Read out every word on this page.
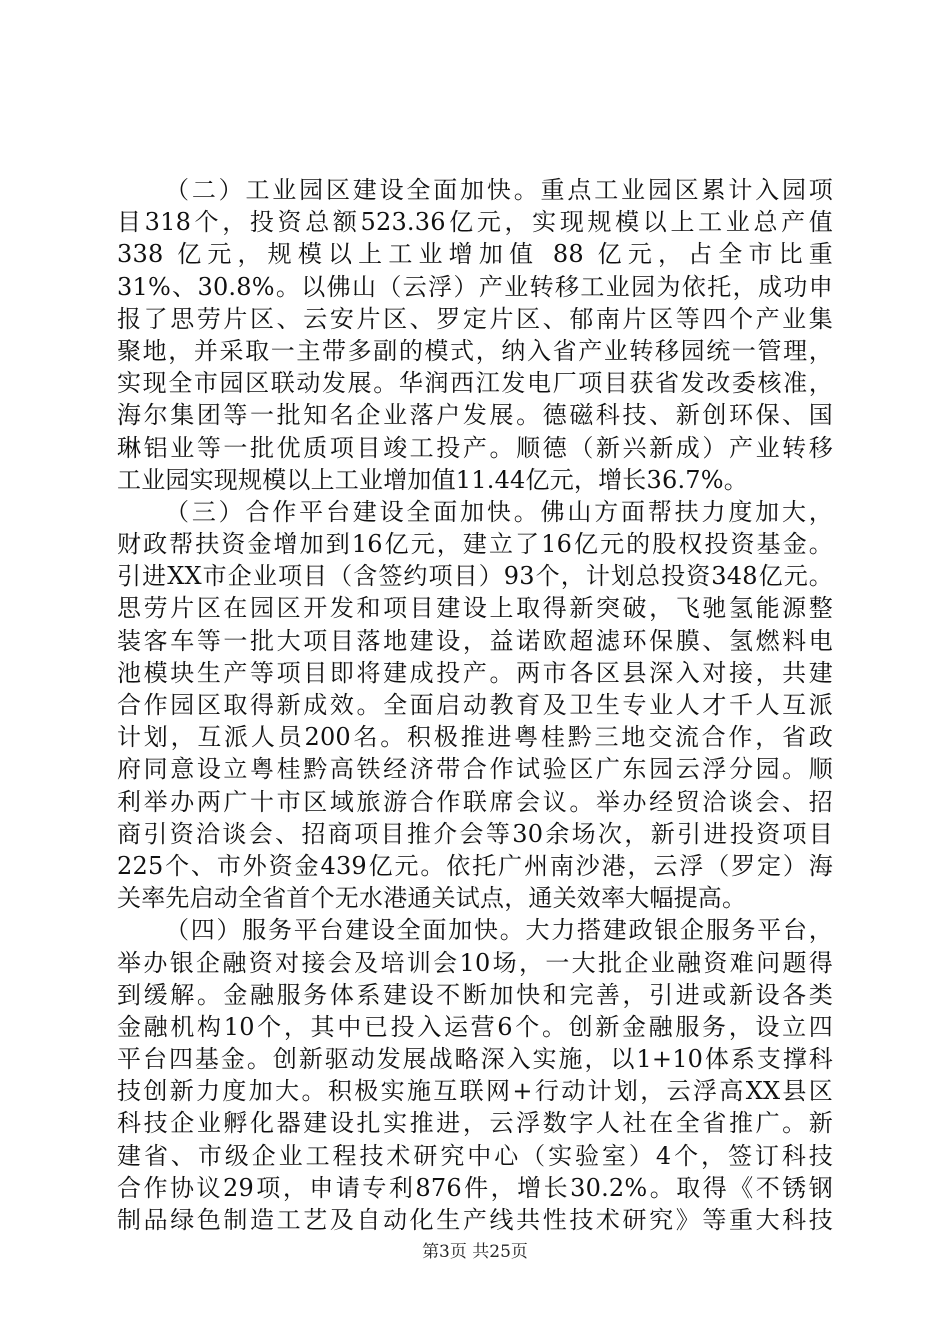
（二）工业园区建设全面加快。重点工业园区累计入园项
目318个，投资总额523.36亿元，实现规模以上工业总产值
338 亿元，规模以上工业增加值 88 亿元，占全市比重
31%、30.8%。以佛山（云浮）产业转移工业园为依托，成功申
报了思劳片区、云安片区、罗定片区、郁南片区等四个产业集
聚地，并采取一主带多副的模式，纳入省产业转移园统一管理，
实现全市园区联动发展。华润西江发电厂项目获省发改委核准，
海尔集团等一批知名企业落户发展。德磁科技、新创环保、国
琳铝业等一批优质项目竣工投产。顺德（新兴新成）产业转移
工业园实现规模以上工业增加值11.44亿元，增长36.7%。
（三）合作平台建设全面加快。佛山方面帮扶力度加大，
财政帮扶资金增加到16亿元，建立了16亿元的股权投资基金。
引进XX市企业项目（含签约项目）93个，计划总投资348亿元。
思劳片区在园区开发和项目建设上取得新突破，飞驰氢能源整
装客车等一批大项目落地建设，益诺欧超滤环保膜、氢燃料电
池模块生产等项目即将建成投产。两市各区县深入对接，共建
合作园区取得新成效。全面启动教育及卫生专业人才千人互派
计划，互派人员200名。积极推进粤桂黔三地交流合作，省政
府同意设立粤桂黔高铁经济带合作试验区广东园云浮分园。顺
利举办两广十市区域旅游合作联席会议。举办经贸洽谈会、招
商引资洽谈会、招商项目推介会等30余场次，新引进投资项目
225个、市外资金439亿元。依托广州南沙港，云浮（罗定）海
关率先启动全省首个无水港通关试点，通关效率大幅提高。
（四）服务平台建设全面加快。大力搭建政银企服务平台，
举办银企融资对接会及培训会10场，一大批企业融资难问题得
到缓解。金融服务体系建设不断加快和完善，引进或新设各类
金融机构10个，其中已投入运营6个。创新金融服务，设立四
平台四基金。创新驱动发展战略深入实施，以1+10体系支撑科
技创新力度加大。积极实施互联网+行动计划，云浮高XX县区
科技企业孵化器建设扎实推进，云浮数字人社在全省推广。新
建省、市级企业工程技术研究中心（实验室）4个，签订科技
合作协议29项，申请专利876件，增长30.2%。取得《不锈钢
制品绿色制造工艺及自动化生产线共性技术研究》等重大科技
第3页 共25页
